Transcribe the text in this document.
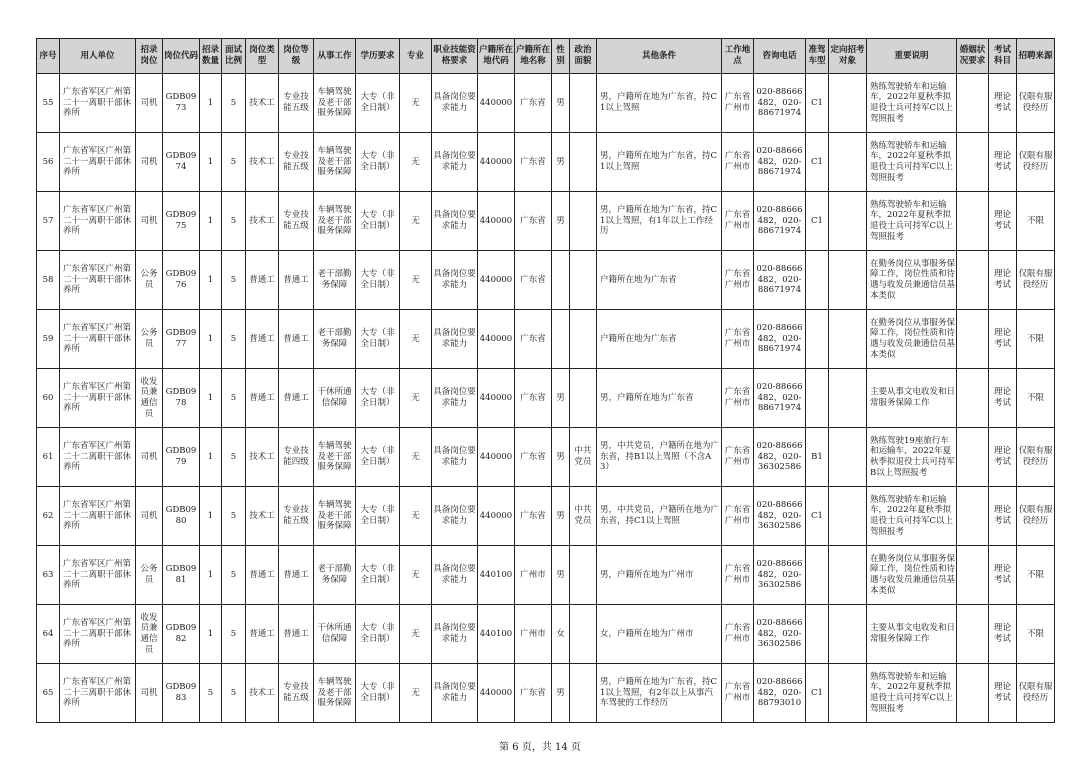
序号	用人单位	招录岗位	岗位代码	招录数量	面试比例	岗位类型	岗位等级	从事工作	学历要求	专业	职业技能资格要求	户籍所在地代码	户籍所在地名称	性别	政治面貌	其他条件	工作地点	咨询电话	准驾车型	定向招考对象	重要说明	婚姻状况要求	考试科目	招聘来源
55	广东省军区广州第二十一离职干部休养所	司机	GDB0973	1	5	技术工	专业技能五级	车辆驾驶及老干部服务保障	大专（非全日制）	无	具备岗位要求能力	440000	广东省	男		男，户籍所在地为广东省，持C1以上驾照	广东省广州市	020-88666482，020-88671974	C1		熟练驾驶轿车和运输车，2022年夏秋季拟退役士兵可持军C以上驾照报考		理论考试	仅限有服役经历
56	广东省军区广州第二十一离职干部休养所	司机	GDB0974	1	5	技术工	专业技能五级	车辆驾驶及老干部服务保障	大专（非全日制）	无	具备岗位要求能力	440000	广东省	男		男，户籍所在地为广东省，持C1以上驾照	广东省广州市	020-88666482，020-88671974	C1		熟练驾驶轿车和运输车，2022年夏秋季拟退役士兵可持军C以上驾照报考		理论考试	仅限有服役经历
57	广东省军区广州第二十一离职干部休养所	司机	GDB0975	1	5	技术工	专业技能五级	车辆驾驶及老干部服务保障	大专（非全日制）	无	具备岗位要求能力	440000	广东省	男		男，户籍所在地为广东省，持C1以上驾照，有1年以上工作经历	广东省广州市	020-88666482，020-88671974	C1		熟练驾驶轿车和运输车，2022年夏秋季拟退役士兵可持军C以上驾照报考		理论考试	不限
58	广东省军区广州第二十一离职干部休养所	公务员	GDB0976	1	5	普通工	普通工	老干部勤务保障	大专（非全日制）	无	具备岗位要求能力	440000	广东省			户籍所在地为广东省	广东省广州市	020-88666482，020-88671974			在勤务岗位从事服务保障工作，岗位性质和待遇与收发员兼通信员基本类似		理论考试	仅限有服役经历
59	广东省军区广州第二十一离职干部休养所	公务员	GDB0977	1	5	普通工	普通工	老干部勤务保障	大专（非全日制）	无	具备岗位要求能力	440000	广东省			户籍所在地为广东省	广东省广州市	020-88666482，020-88671974			在勤务岗位从事服务保障工作，岗位性质和待遇与收发员兼通信员基本类似		理论考试	不限
60	广东省军区广州第二十一离职干部休养所	收发员兼通信员	GDB0978	1	5	普通工	普通工	干休所通信保障	大专（非全日制）	无	具备岗位要求能力	440000	广东省	男		男，户籍所在地为广东省	广东省广州市	020-88666482，020-88671974			主要从事文电收发和日常服务保障工作		理论考试	不限
61	广东省军区广州第二十二离职干部休养所	司机	GDB0979	1	5	技术工	专业技能四级	车辆驾驶及老干部服务保障	大专（非全日制）	无	具备岗位要求能力	440000	广东省	男	中共党员	男，中共党员，户籍所在地为广东省，持B1以上驾照（不含A3）	广东省广州市	020-88666482，020-36302586	B1		熟练驾驶19座旅行车和运输车，2022年夏秋季拟退役士兵可持军B以上驾照报考		理论考试	仅限有服役经历
62	广东省军区广州第二十二离职干部休养所	司机	GDB0980	1	5	技术工	专业技能五级	车辆驾驶及老干部服务保障	大专（非全日制）	无	具备岗位要求能力	440000	广东省	男	中共党员	男，中共党员，户籍所在地为广东省，持C1以上驾照	广东省广州市	020-88666482，020-36302586	C1		熟练驾驶轿车和运输车，2022年夏秋季拟退役士兵可持军C以上驾照报考		理论考试	仅限有服役经历
63	广东省军区广州第二十二离职干部休养所	公务员	GDB0981	1	5	普通工	普通工	老干部勤务保障	大专（非全日制）	无	具备岗位要求能力	440100	广州市	男		男，户籍所在地为广州市	广东省广州市	020-88666482，020-36302586			在勤务岗位从事服务保障工作，岗位性质和待遇与收发员兼通信员基本类似		理论考试	不限
64	广东省军区广州第二十二离职干部休养所	收发员兼通信员	GDB0982	1	5	普通工	普通工	干休所通信保障	大专（非全日制）	无	具备岗位要求能力	440100	广州市	女		女，户籍所在地为广州市	广东省广州市	020-88666482，020-36302586			主要从事文电收发和日常服务保障工作		理论考试	不限
65	广东省军区广州第二十三离职干部休养所	司机	GDB0983	5	5	技术工	专业技能五级	车辆驾驶及老干部服务保障	大专（非全日制）	无	具备岗位要求能力	440000	广东省	男		男，户籍所在地为广东省，持C1以上驾照，有2年以上从事汽车驾驶的工作经历	广东省广州市	020-88666482，020-88793010	C1		熟练驾驶轿车和运输车，2022年夏秋季拟退役士兵可持军C以上驾照报考		理论考试	仅限有服役经历
第 6 页，共 14 页
